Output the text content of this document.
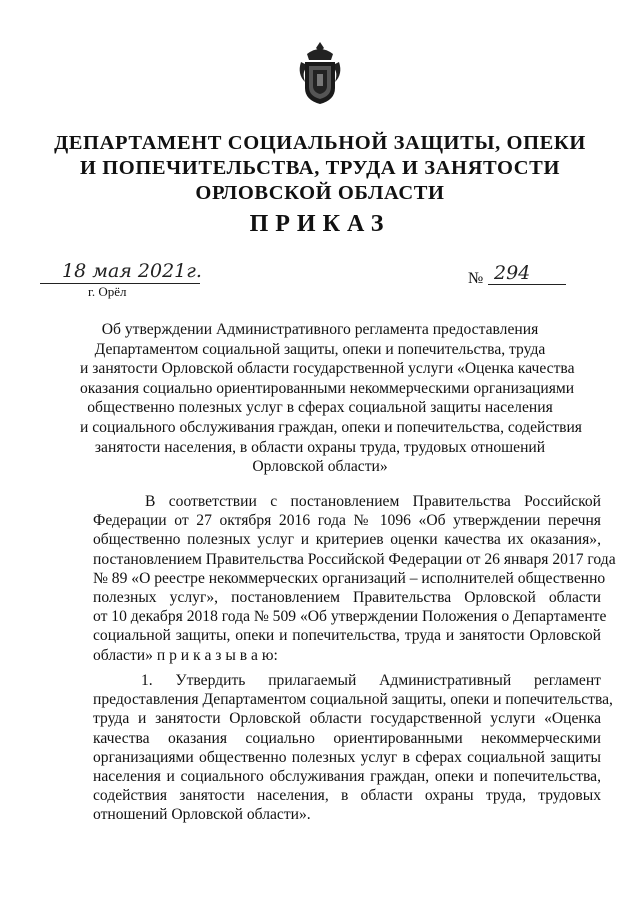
ДЕПАРТАМЕНТ СОЦИАЛЬНОЙ ЗАЩИТЫ, ОПЕКИ
И ПОПЕЧИТЕЛЬСТВА, ТРУДА И ЗАНЯТОСТИ
ОРЛОВСКОЙ ОБЛАСТИ
ПРИКАЗ
18 мая 2021г.
г. Орёл
№ 294
Об утверждении Административного регламента предоставления
Департаментом социальной защиты, опеки и попечительства, труда
и занятости Орловской области государственной услуги «Оценка качества
оказания социально ориентированными некоммерческими организациями
общественно полезных услуг в сферах социальной защиты населения
и социального обслуживания граждан, опеки и попечительства, содействия
занятости населения, в области охраны труда, трудовых отношений
Орловской области»
В соответствии с постановлением Правительства Российской
Федерации от 27 октября 2016 года № 1096 «Об утверждении перечня
общественно полезных услуг и критериев оценки качества их оказания»,
постановлением Правительства Российской Федерации от 26 января 2017 года
№ 89 «О реестре некоммерческих организаций – исполнителей общественно
полезных услуг», постановлением Правительства Орловской области
от 10 декабря 2018 года № 509 «Об утверждении Положения о Департаменте
социальной защиты, опеки и попечительства, труда и занятости Орловской
области» п р и к а з ы в а ю:
1. Утвердить прилагаемый Административный регламент
предоставления Департаментом социальной защиты, опеки и попечительства,
труда и занятости Орловской области государственной услуги «Оценка
качества оказания социально ориентированными некоммерческими
организациями общественно полезных услуг в сферах социальной защиты
населения и социального обслуживания граждан, опеки и попечительства,
содействия занятости населения, в области охраны труда, трудовых
отношений Орловской области».
